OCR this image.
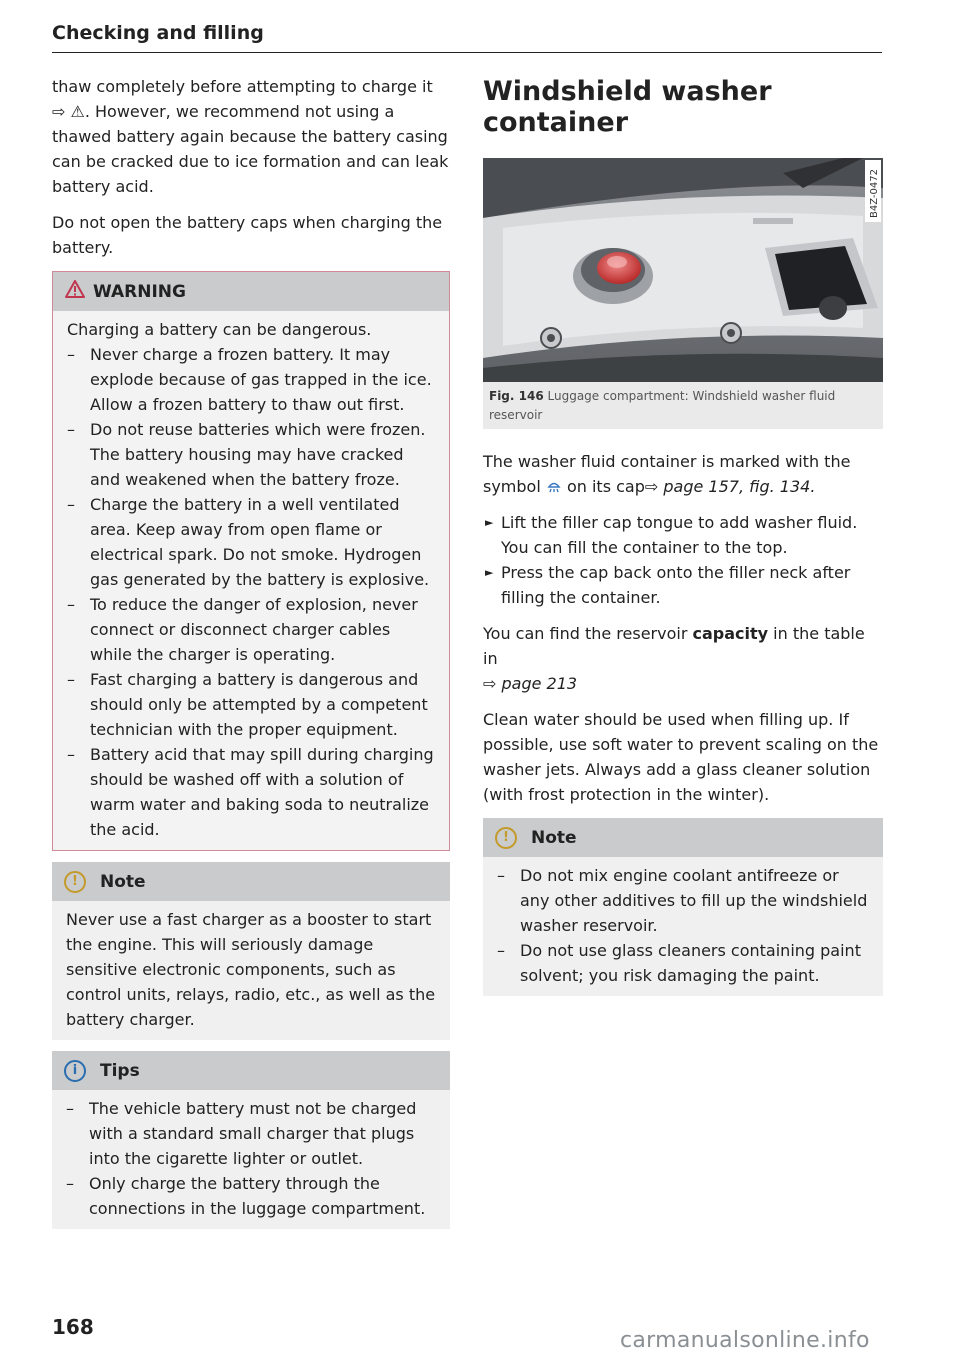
Checking and filling

thaw completely before attempting to charge it ⇨ ⚠. However, we recommend not using a thawed battery again because the battery casing can be cracked due to ice formation and can leak battery acid.

Do not open the battery caps when charging the battery.

WARNING
Charging a battery can be dangerous.
– Never charge a frozen battery. It may explode because of gas trapped in the ice. Allow a frozen battery to thaw out first.
– Do not reuse batteries which were frozen. The battery housing may have cracked and weakened when the battery froze.
– Charge the battery in a well ventilated area. Keep away from open flame or electrical spark. Do not smoke. Hydrogen gas generated by the battery is explosive.
– To reduce the danger of explosion, never connect or disconnect charger cables while the charger is operating.
– Fast charging a battery is dangerous and should only be attempted by a competent technician with the proper equipment.
– Battery acid that may spill during charging should be washed off with a solution of warm water and baking soda to neutralize the acid.
!	Note
Never use a fast charger as a booster to start the engine. This will seriously damage sensitive electronic components, such as control units, relays, radio, etc., as well as the battery charger.
i	Tips
– The vehicle battery must not be charged with a standard small charger that plugs into the cigarette lighter or outlet.
– Only charge the battery through the connections in the luggage compartment.
Windshield washer container
B4Z-0472
Fig. 146 Luggage compartment: Windshield washer fluid reservoir

The washer fluid container is marked with the symbol on its cap⇨ page 157, fig. 134.

► Lift the filler cap tongue to add washer fluid. You can fill the container to the top.
► Press the cap back onto the filler neck after filling the container.

You can find the reservoir capacity in the table in
⇨ page 213

Clean water should be used when filling up. If possible, use soft water to prevent scaling on the washer jets. Always add a glass cleaner solution (with frost protection in the winter).

!	Note
– Do not mix engine coolant antifreeze or any other additives to fill up the windshield washer reservoir.
– Do not use glass cleaners containing paint solvent; you risk damaging the paint.
168
carmanualsonline.info
